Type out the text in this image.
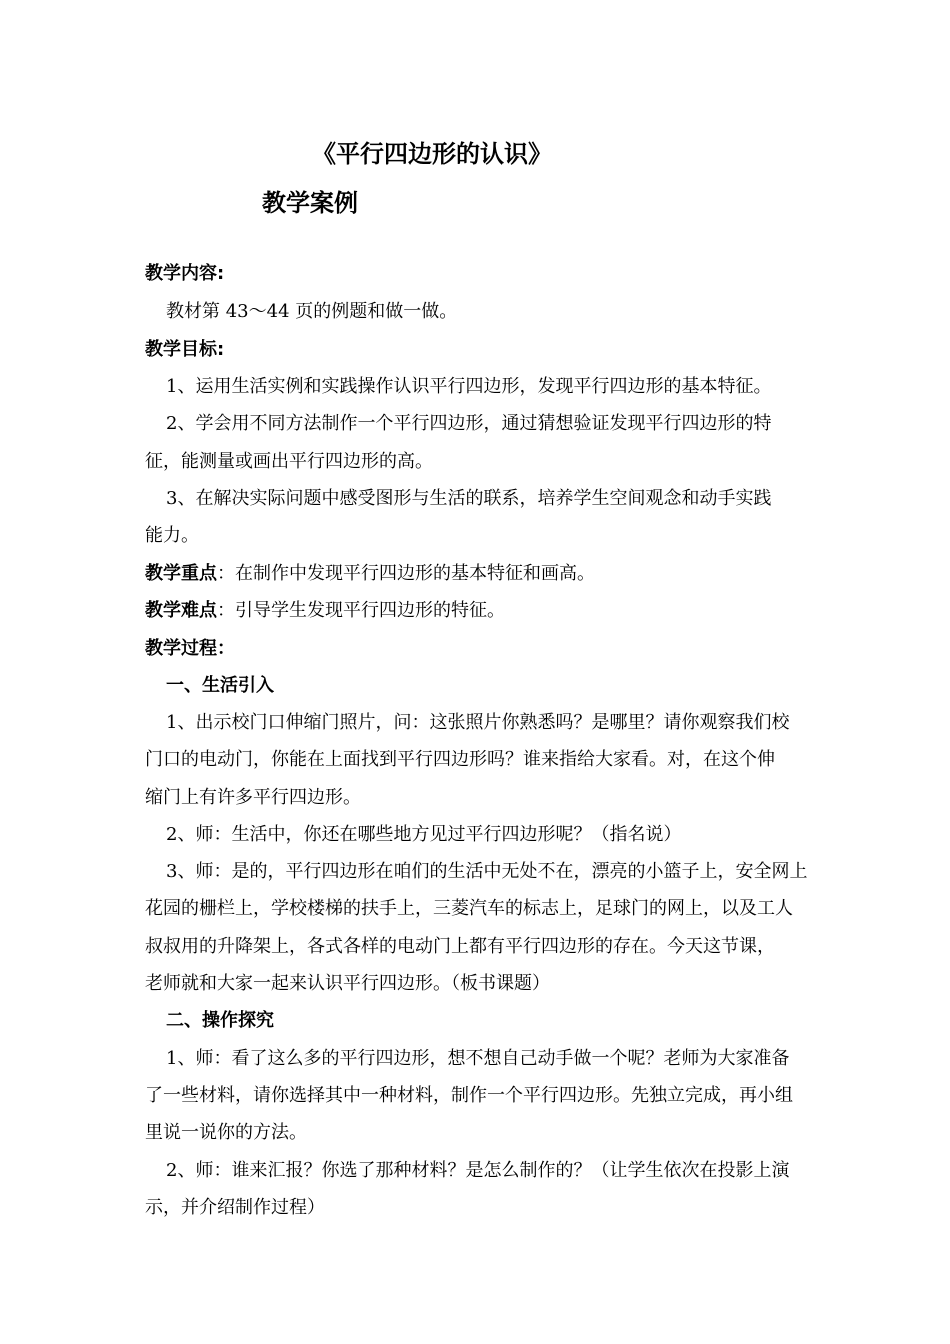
《平行四边形的认识》
教学案例
教学内容:
教材第 43～44 页的例题和做一做。
教学目标:
1、运用生活实例和实践操作认识平行四边形，发现平行四边形的基本特征。
2、学会用不同方法制作一个平行四边形，通过猜想验证发现平行四边形的特
征，能测量或画出平行四边形的高。
3、在解决实际问题中感受图形与生活的联系，培养学生空间观念和动手实践
能力。
教学重点：在制作中发现平行四边形的基本特征和画高。
教学难点：引导学生发现平行四边形的特征。
教学过程：
一、生活引入
1、出示校门口伸缩门照片，问：这张照片你熟悉吗？是哪里？请你观察我们校
门口的电动门，你能在上面找到平行四边形吗？谁来指给大家看。对，在这个伸
缩门上有许多平行四边形。
2、师：生活中，你还在哪些地方见过平行四边形呢？（指名说）
3、师：是的，平行四边形在咱们的生活中无处不在，漂亮的小篮子上，安全网上
花园的栅栏上，学校楼梯的扶手上，三菱汽车的标志上，足球门的网上，以及工人
叔叔用的升降架上，各式各样的电动门上都有平行四边形的存在。今天这节课，
老师就和大家一起来认识平行四边形。（板书课题）
二、操作探究
1、师：看了这么多的平行四边形，想不想自己动手做一个呢？老师为大家准备
了一些材料，请你选择其中一种材料，制作一个平行四边形。先独立完成，再小组
里说一说你的方法。
2、师：谁来汇报？你选了那种材料？是怎么制作的？（让学生依次在投影上演
示，并介绍制作过程）
